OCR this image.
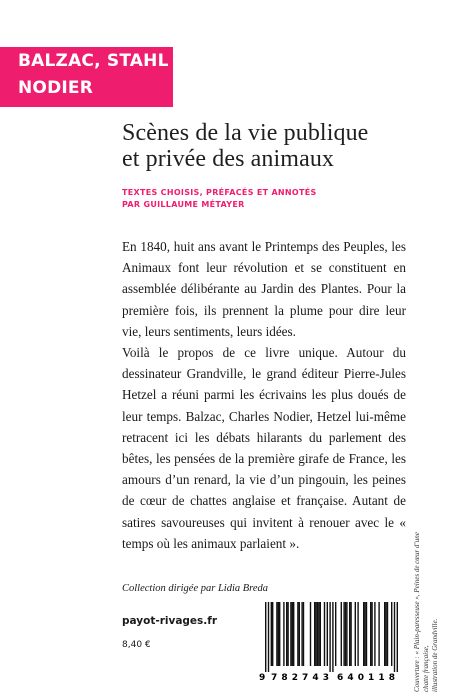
BALZAC, STAHL
NODIER
Scènes de la vie publique
et privée des animaux
TEXTES CHOISIS, PRÉFACÉS ET ANNOTÉS
PAR GUILLAUME MÉTAYER

En 1840, huit ans avant le Printemps des Peuples, les Animaux font leur révolution et se constituent en assemblée délibérante au Jardin des Plantes. Pour la première fois, ils prennent la plume pour dire leur vie, leurs sentiments, leurs idées.

Voilà le propos de ce livre unique. Autour du dessinateur Grandville, le grand éditeur Pierre-Jules Hetzel a réuni parmi les écrivains les plus doués de leur temps. Balzac, Charles Nodier, Hetzel lui-même retracent ici les débats hilarants du parlement des bêtes, les pensées de la première girafe de France, les amours d’un renard, la vie d’un pingouin, les peines de cœur de chattes anglaise et française. Autant de satires savoureuses qui invitent à renouer avec le « temps où les animaux parlaient ».

Collection dirigée par Lidia Breda
payot-rivages.fr
8,40 €
9 782743 640118	Couverture : « Plain-paresseuse », Peines de cœur d’une chatte française, illustration de Grandville.
